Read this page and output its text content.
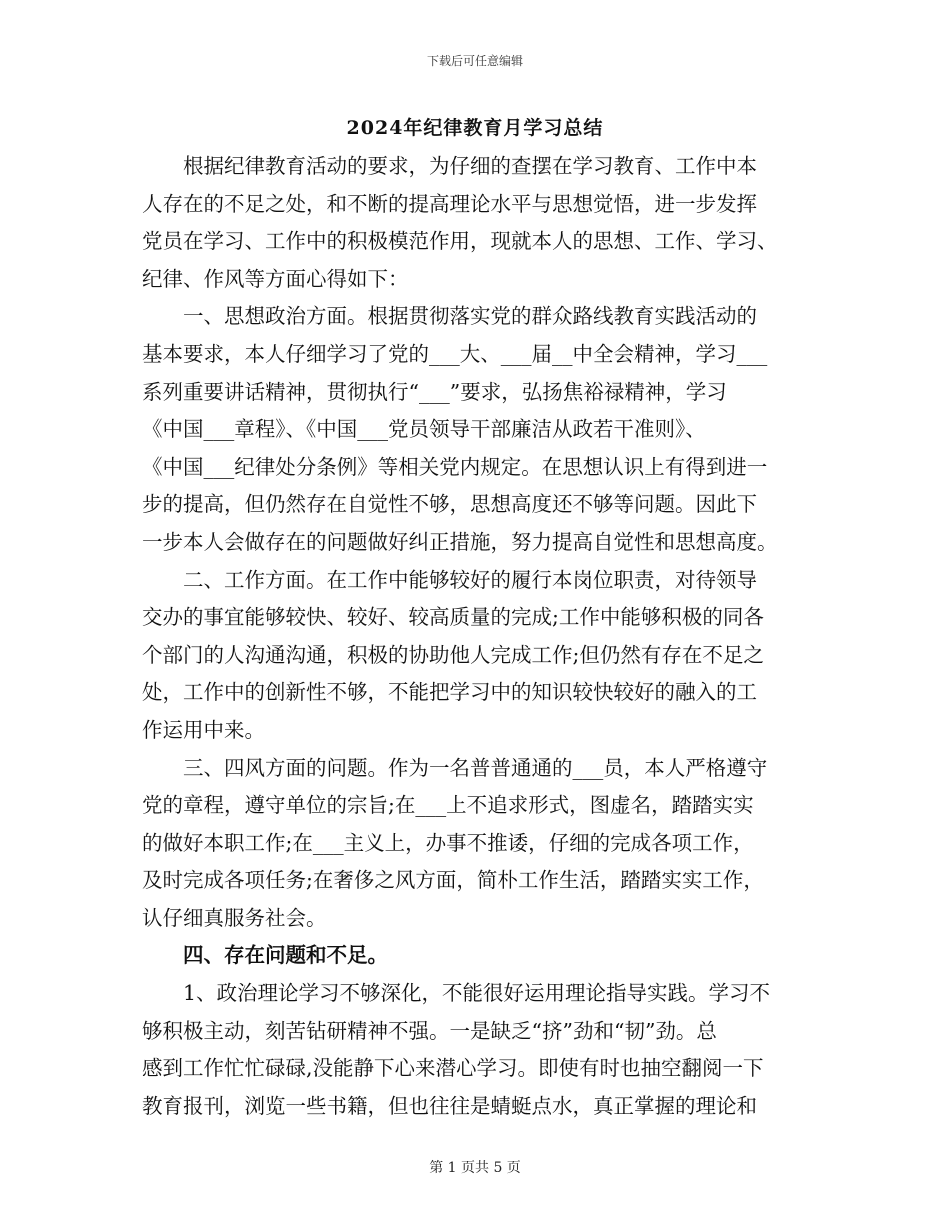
下载后可任意编辑
2024年纪律教育月学习总结
　　根据纪律教育活动的要求，为仔细的查摆在学习教育、工作中本
人存在的不足之处，和不断的提高理论水平与思想觉悟，进一步发挥
党员在学习、工作中的积极模范作用，现就本人的思想、工作、学习、
纪律、作风等方面心得如下：
　　一、思想政治方面。根据贯彻落实党的群众路线教育实践活动的
基本要求，本人仔细学习了党的___大、___届__中全会精神，学习___
系列重要讲话精神，贯彻执行“___”要求，弘扬焦裕禄精神，学习
《中国___章程》、《中国___党员领导干部廉洁从政若干准则》、
《中国___纪律处分条例》等相关党内规定。在思想认识上有得到进一
步的提高，但仍然存在自觉性不够，思想高度还不够等问题。因此下
一步本人会做存在的问题做好纠正措施，努力提高自觉性和思想高度。
　　二、工作方面。在工作中能够较好的履行本岗位职责，对待领导
交办的事宜能够较快、较好、较高质量的完成;工作中能够积极的同各
个部门的人沟通沟通，积极的协助他人完成工作;但仍然有存在不足之
处，工作中的创新性不够，不能把学习中的知识较快较好的融入的工
作运用中来。
　　三、四风方面的问题。作为一名普普通通的___员，本人严格遵守
党的章程，遵守单位的宗旨;在___上不追求形式，图虚名，踏踏实实
的做好本职工作;在___主义上，办事不推诿，仔细的完成各项工作，
及时完成各项任务;在奢侈之风方面，简朴工作生活，踏踏实实工作，
认仔细真服务社会。
　　四、存在问题和不足。
　　1、政治理论学习不够深化，不能很好运用理论指导实践。学习不
够积极主动，刻苦钻研精神不强。一是缺乏“挤”劲和“韧”劲。总
感到工作忙忙碌碌,没能静下心来潜心学习。即使有时也抽空翻阅一下
教育报刊，浏览一些书籍，但也往往是蜻蜓点水，真正掌握的理论和
第 1 页共 5 页
